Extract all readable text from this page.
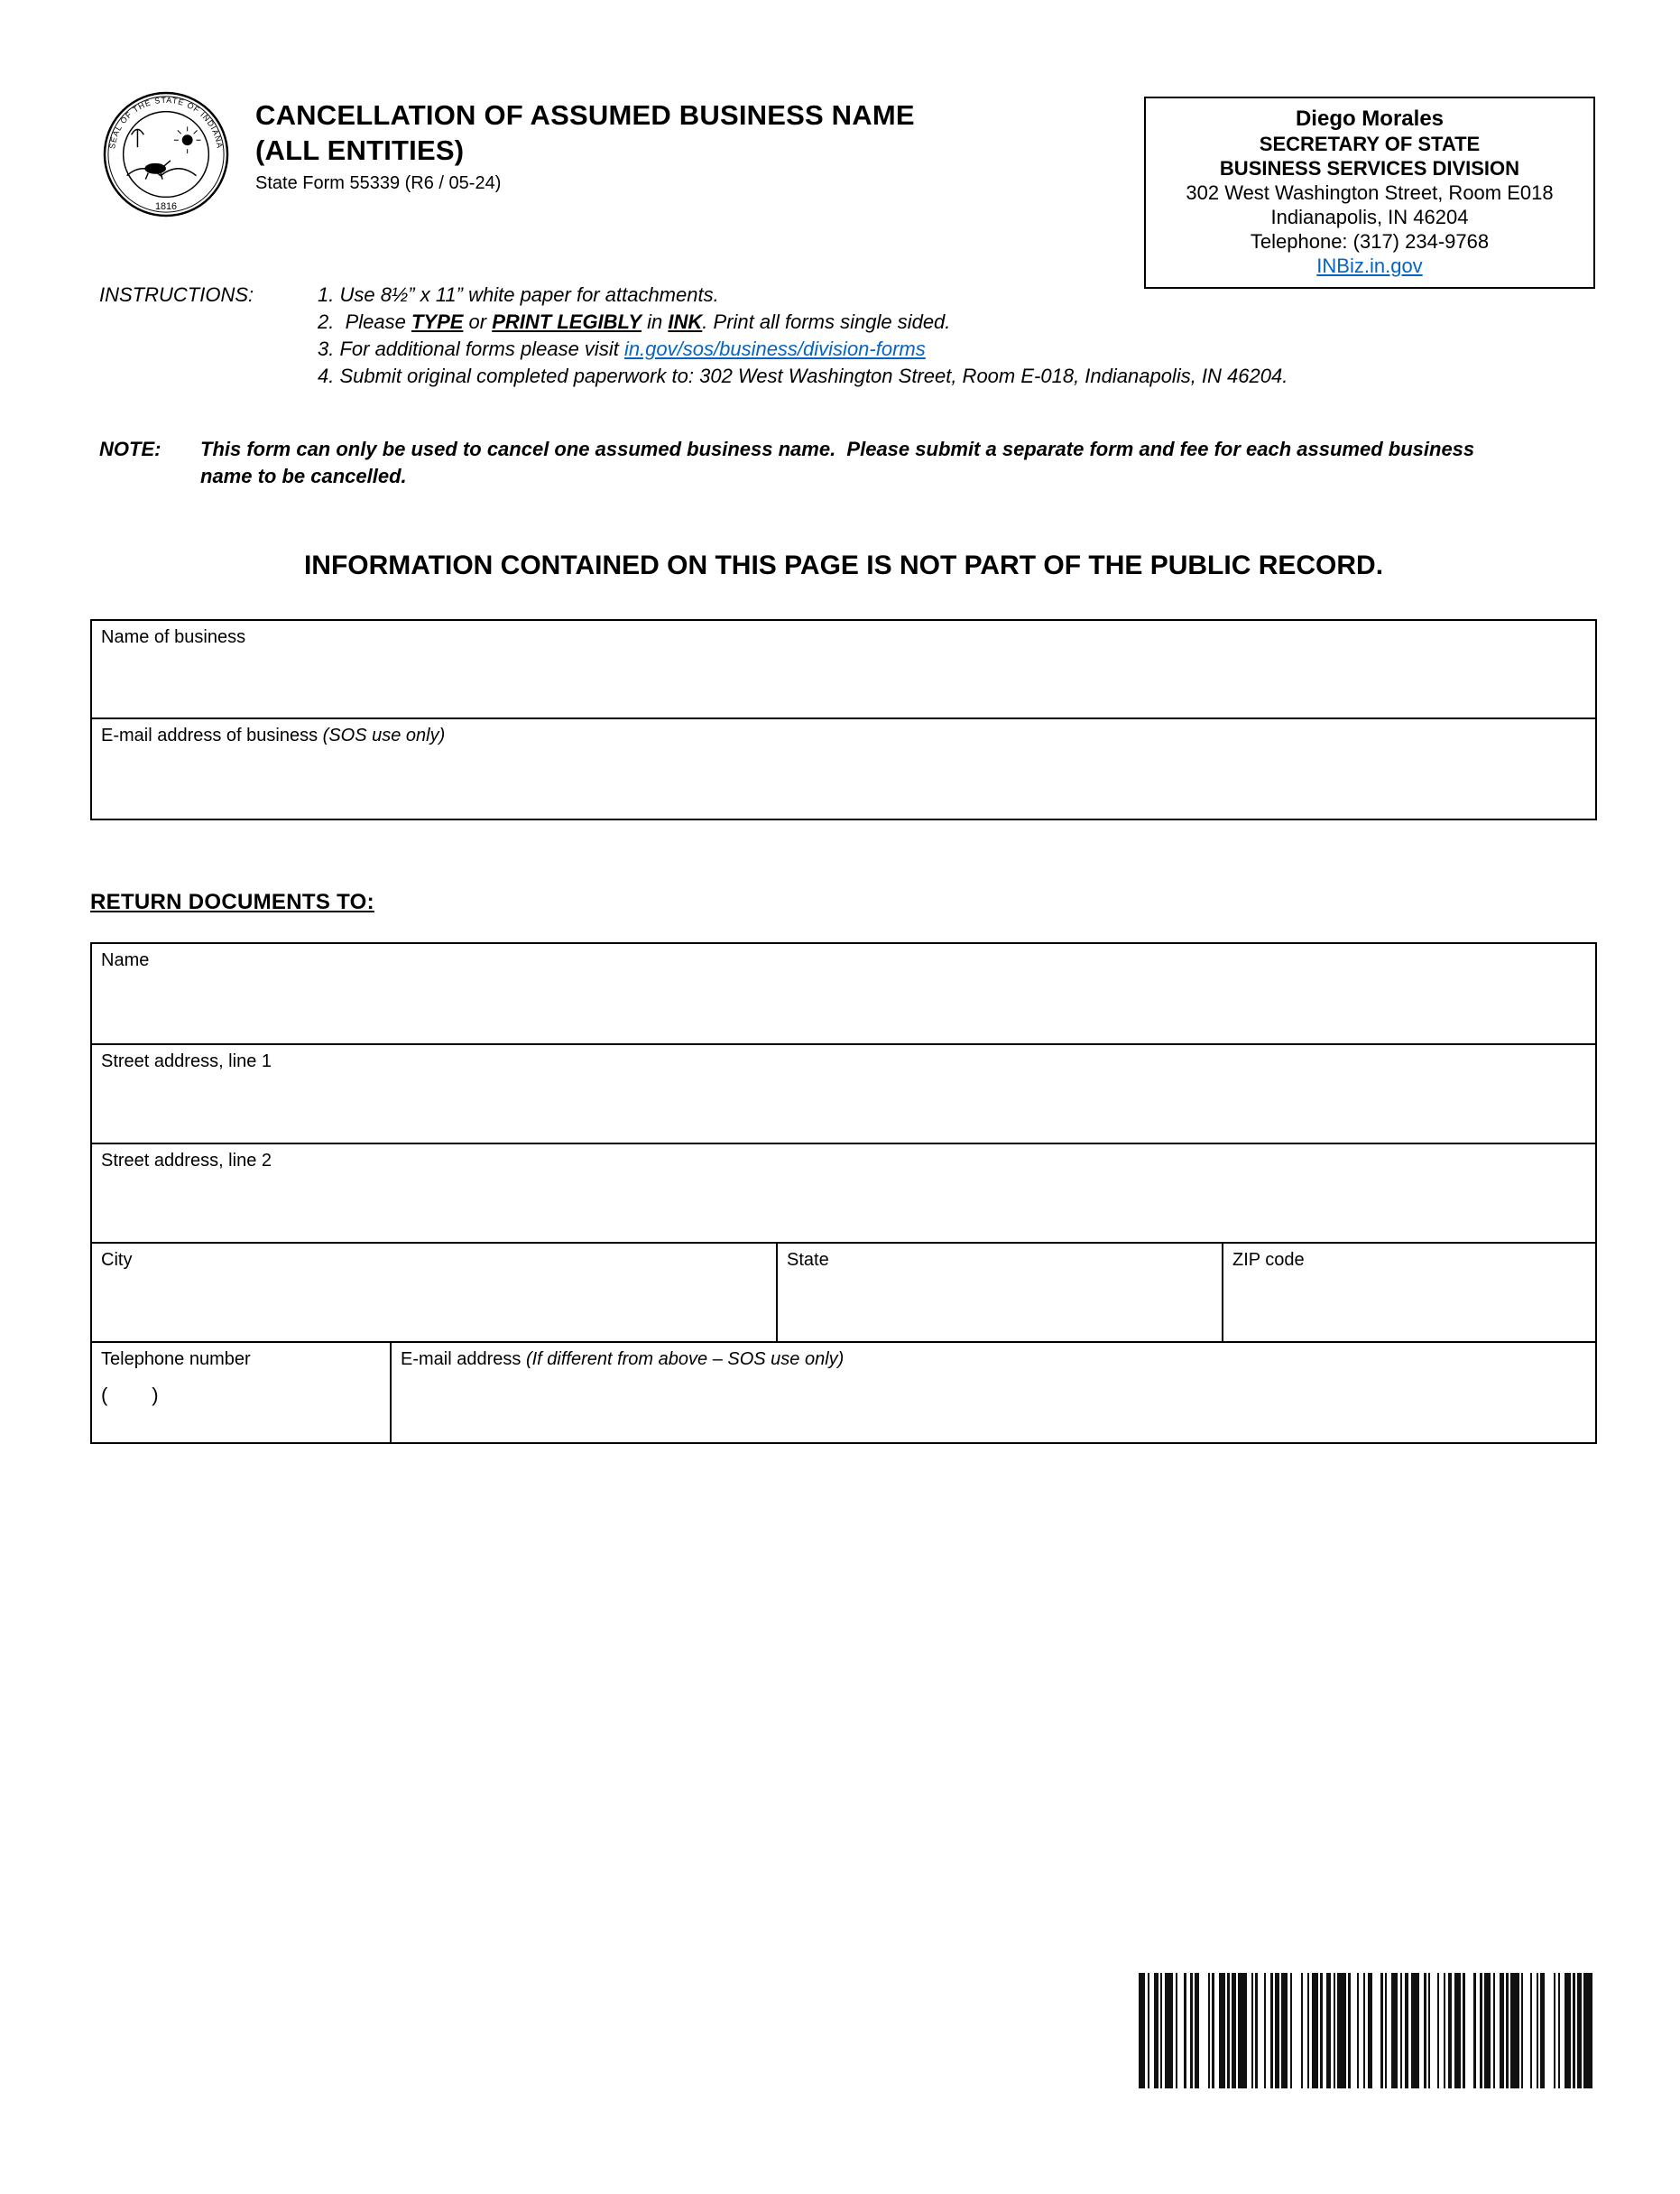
SEAL OF THE STATE OF INDIANA
1816
CANCELLATION OF ASSUMED BUSINESS NAME
(ALL ENTITIES)
State Form 55339 (R6 / 05-24)
Diego Morales
SECRETARY OF STATE
BUSINESS SERVICES DIVISION
302 West Washington Street, Room E018
Indianapolis, IN 46204
Telephone: (317) 234-9768
INBiz.in.gov
INSTRUCTIONS:	1. Use 8½” x 11” white paper for attachments.
2.  Please TYPE or PRINT LEGIBLY in INK. Print all forms single sided.
3. For additional forms please visit in.gov/sos/business/division-forms
4. Submit original completed paperwork to: 302 West Washington Street, Room E-018, Indianapolis, IN 46204.
NOTE: This form can only be used to cancel one assumed business name.  Please submit a separate form and fee for each assumed business name to be cancelled.
INFORMATION CONTAINED ON THIS PAGE IS NOT PART OF THE PUBLIC RECORD.
Name of business
E-mail address of business (SOS use only)
RETURN DOCUMENTS TO:
Name
Street address, line 1
Street address, line 2
City	State	ZIP code
Telephone number
(        )
E-mail address (If different from above – SOS use only)
